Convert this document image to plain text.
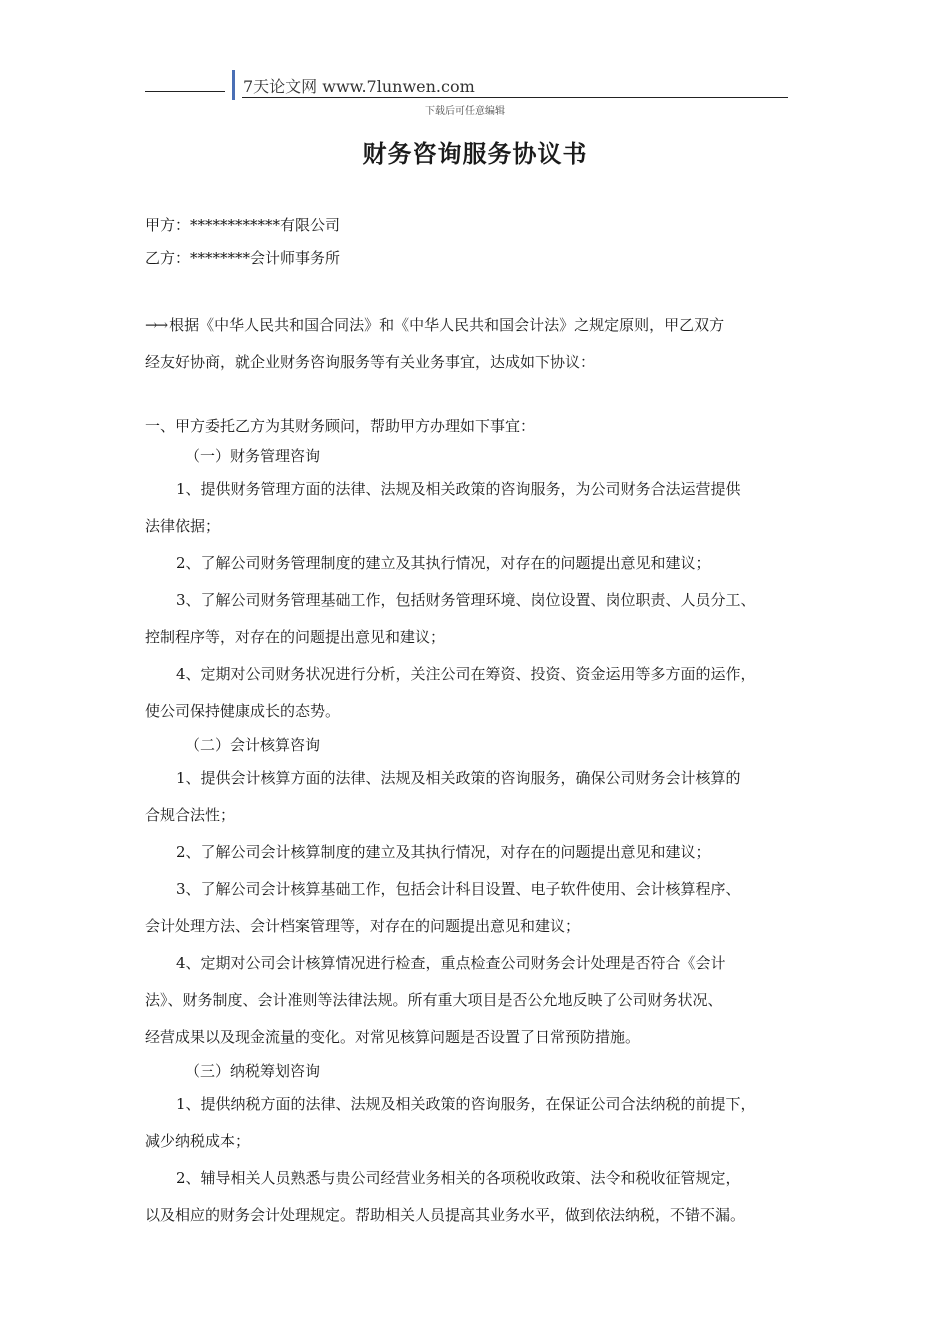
7天论文网 www.7lunwen.com
下载后可任意编辑
财务咨询服务协议书
甲方：************有限公司
乙方：********会计师事务所
→→ 根据《中华人民共和国合同法》和《中华人民共和国会计法》之规定原则，甲乙双方
经友好协商，就企业财务咨询服务等有关业务事宜，达成如下协议：
一、甲方委托乙方为其财务顾问，帮助甲方办理如下事宜：
（一）财务管理咨询
1、提供财务管理方面的法律、法规及相关政策的咨询服务，为公司财务合法运营提供
法律依据；
2、了解公司财务管理制度的建立及其执行情况，对存在的问题提出意见和建议；
3、了解公司财务管理基础工作，包括财务管理环境、岗位设置、岗位职责、人员分工、
控制程序等，对存在的问题提出意见和建议；
4、定期对公司财务状况进行分析，关注公司在筹资、投资、资金运用等多方面的运作，
使公司保持健康成长的态势。
（二）会计核算咨询
1、提供会计核算方面的法律、法规及相关政策的咨询服务，确保公司财务会计核算的
合规合法性；
2、了解公司会计核算制度的建立及其执行情况，对存在的问题提出意见和建议；
3、了解公司会计核算基础工作，包括会计科目设置、电子软件使用、会计核算程序、
会计处理方法、会计档案管理等，对存在的问题提出意见和建议；
4、定期对公司会计核算情况进行检查，重点检查公司财务会计处理是否符合《会计
法》、财务制度、会计准则等法律法规。所有重大项目是否公允地反映了公司财务状况、
经营成果以及现金流量的变化。对常见核算问题是否设置了日常预防措施。
（三）纳税筹划咨询
1、提供纳税方面的法律、法规及相关政策的咨询服务，在保证公司合法纳税的前提下，
减少纳税成本；
2、辅导相关人员熟悉与贵公司经营业务相关的各项税收政策、法令和税收征管规定，
以及相应的财务会计处理规定。帮助相关人员提高其业务水平，做到依法纳税，不错不漏。
